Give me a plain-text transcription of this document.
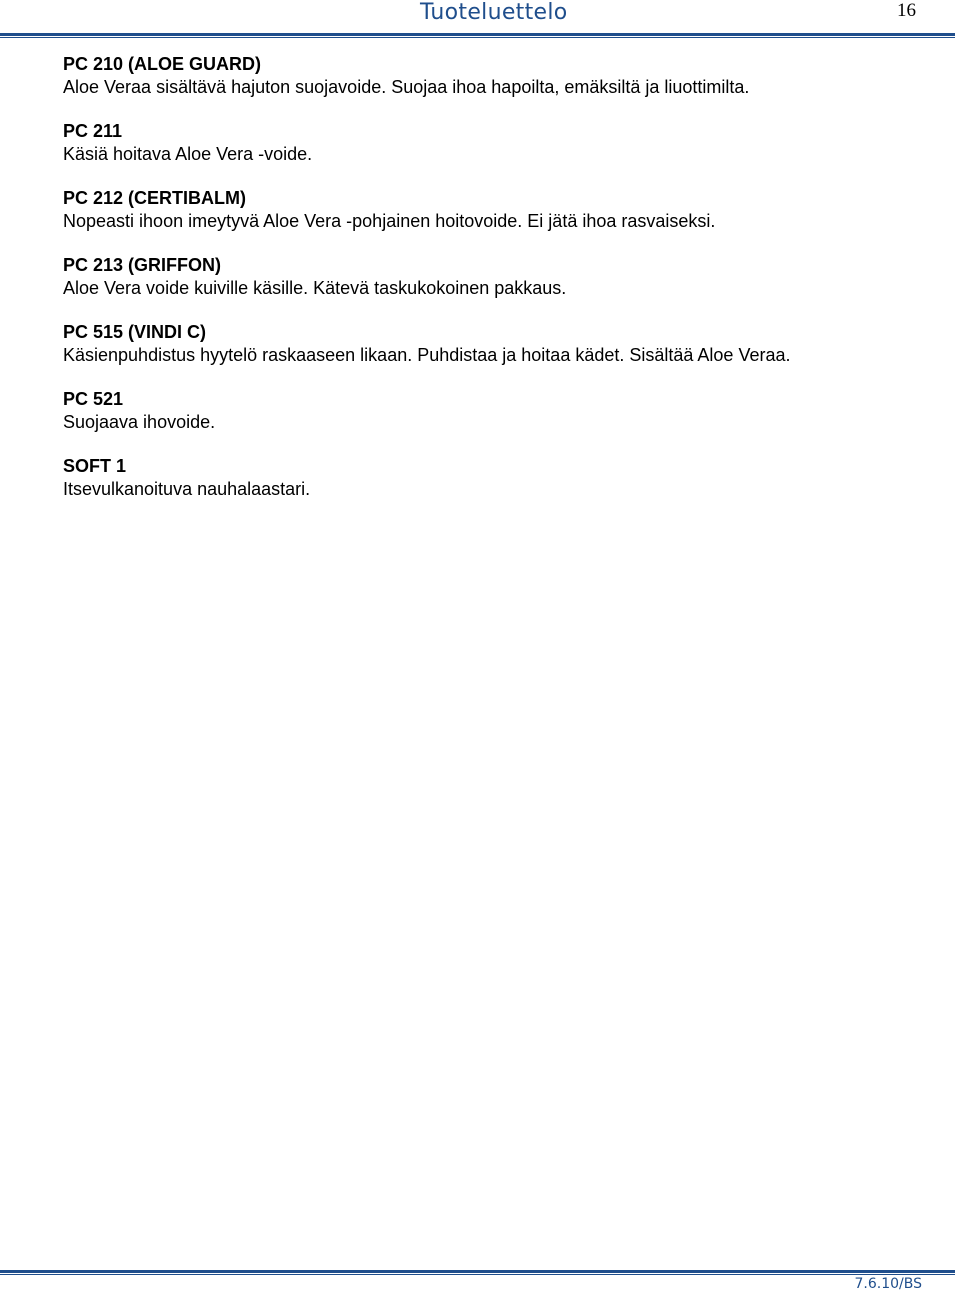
Tuoteluettelo	16
PC 210 (ALOE GUARD)
Aloe Veraa sisältävä hajuton suojavoide. Suojaa ihoa hapoilta, emäksiltä ja liuottimilta.
PC 211
Käsiä hoitava Aloe Vera -voide.
PC 212 (CERTIBALM)
Nopeasti ihoon imeytyvä Aloe Vera -pohjainen hoitovoide. Ei jätä ihoa rasvaiseksi.
PC 213 (GRIFFON)
Aloe Vera voide kuiville käsille. Kätevä taskukokoinen pakkaus.
PC 515 (VINDI C)
Käsienpuhdistus hyytelö raskaaseen likaan. Puhdistaa ja hoitaa kädet. Sisältää Aloe Veraa.
PC 521
Suojaava ihovoide.
SOFT 1
Itsevulkanoituva nauhalaastari.
7.6.10/BS
